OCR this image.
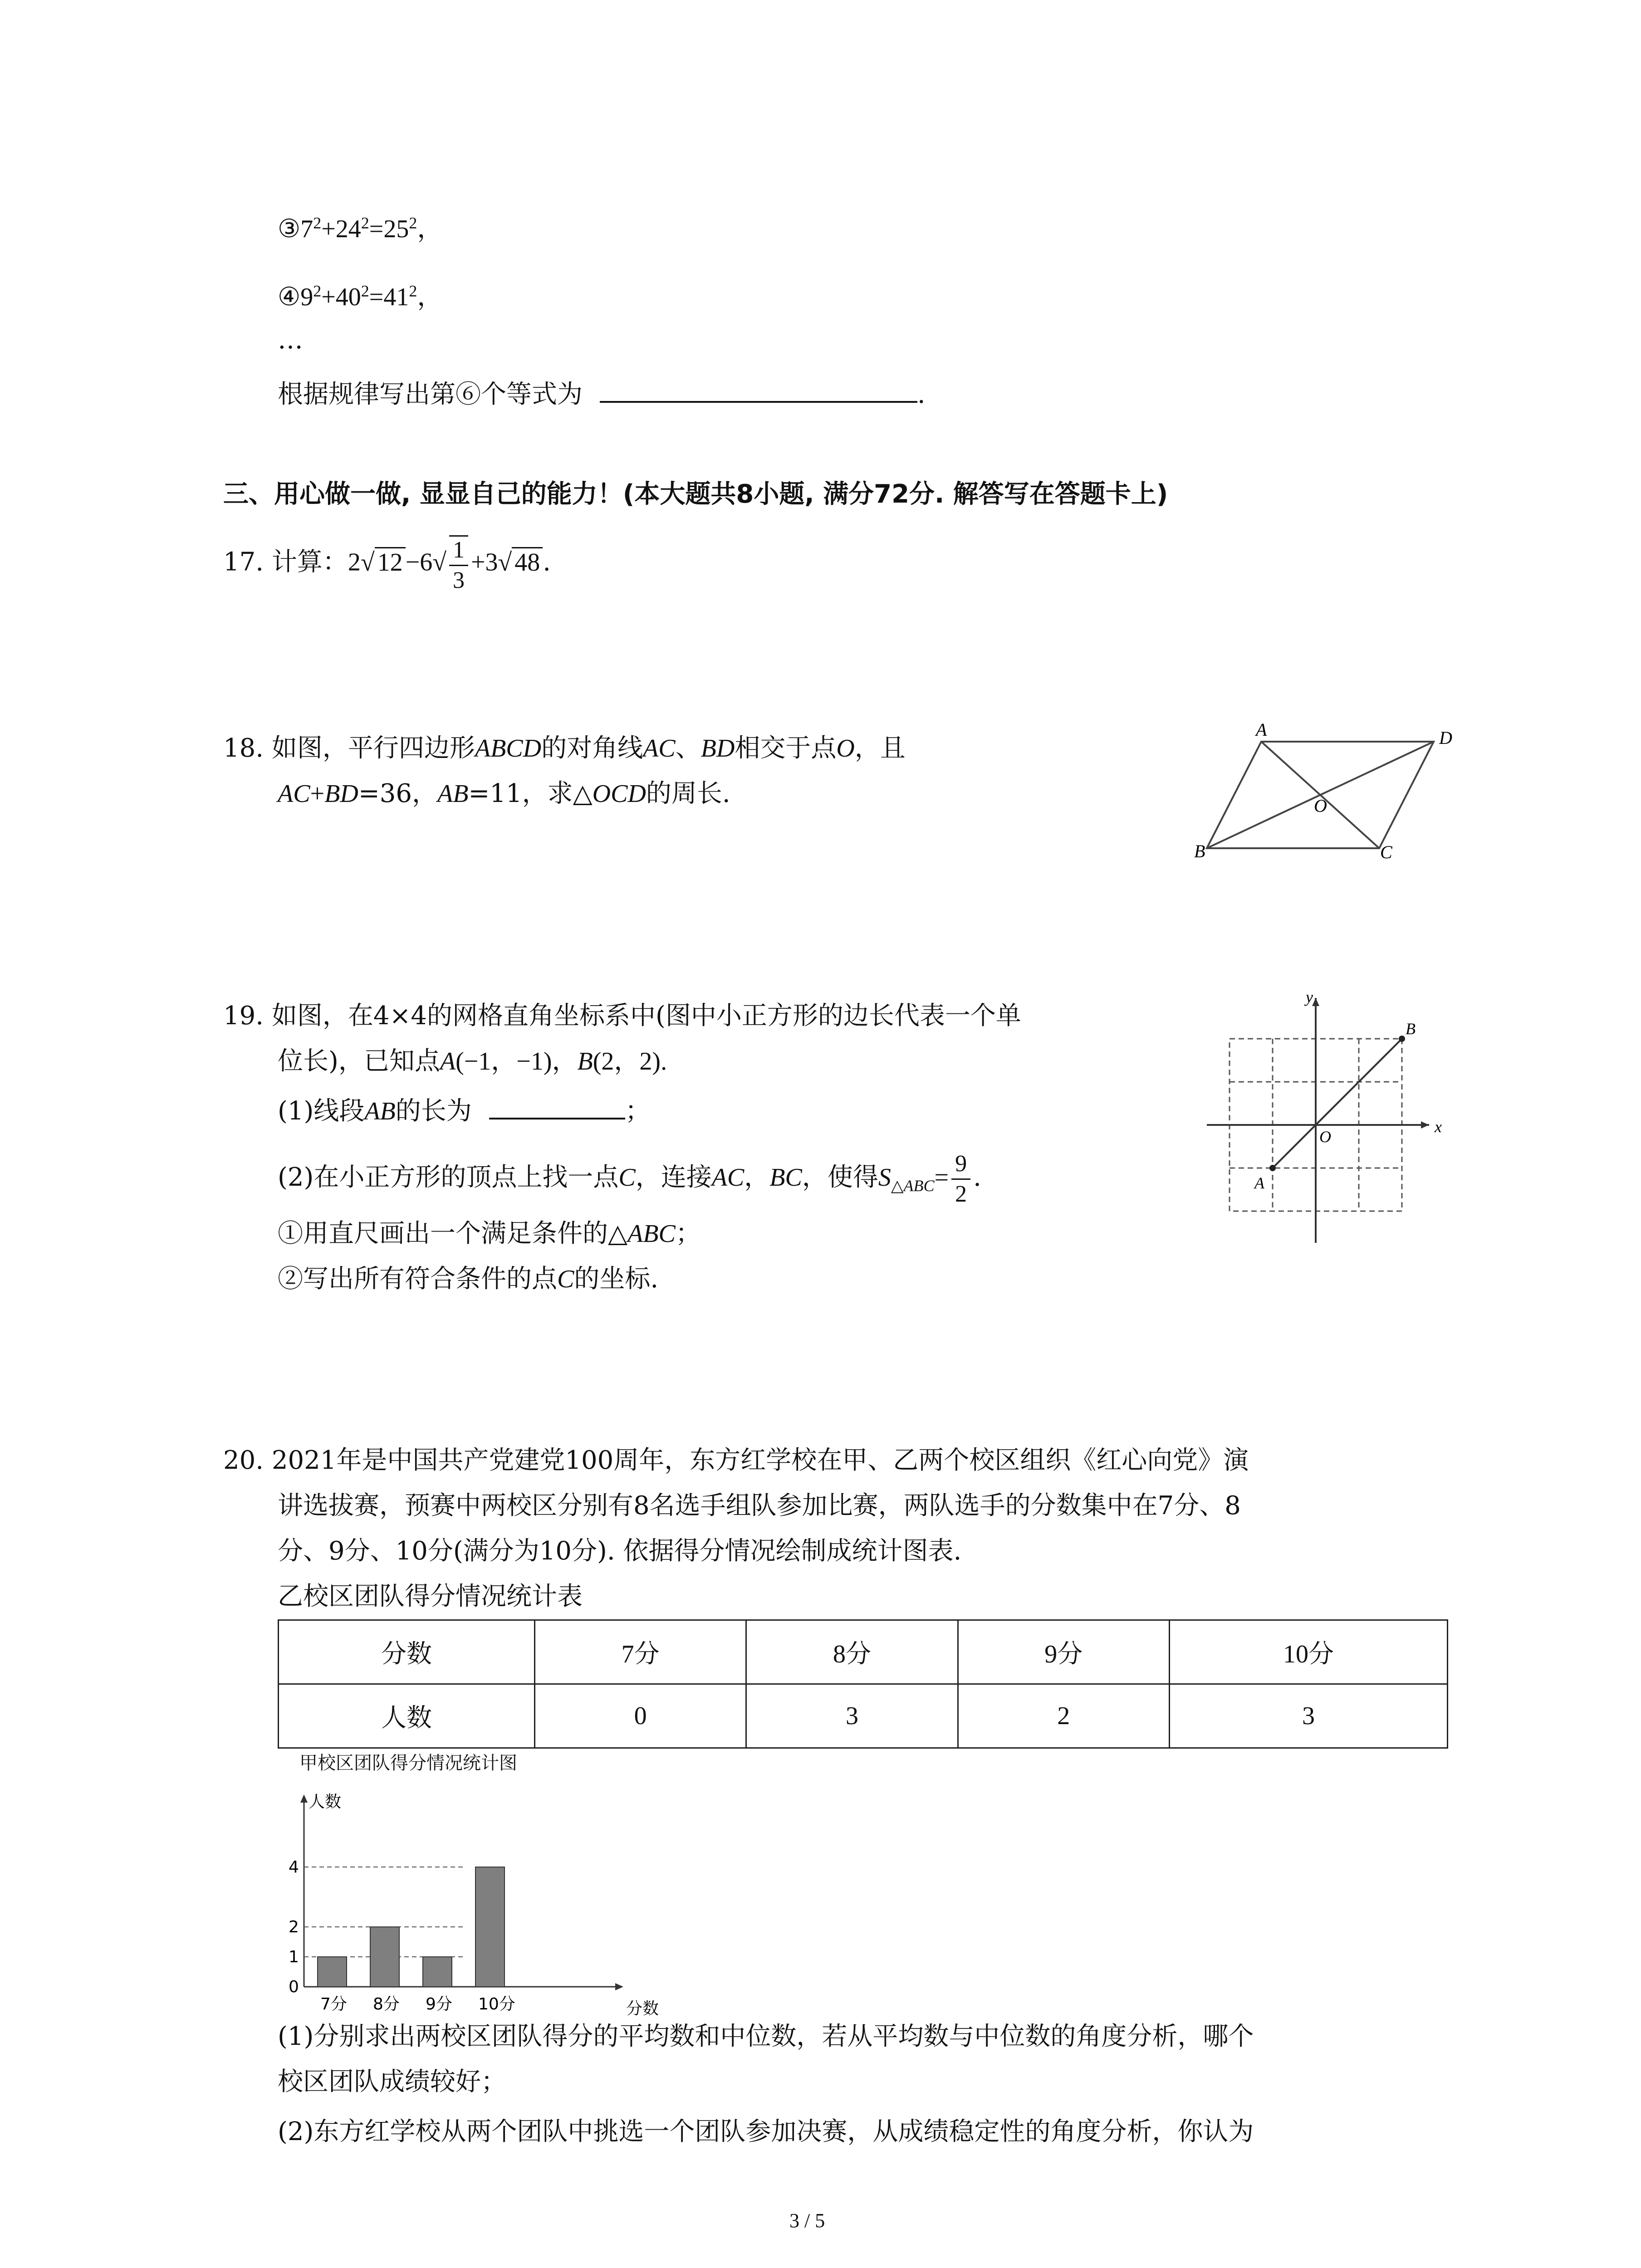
$③7^2+24^2=25^2$，
$④9^2+40^2=41^2$，
…
根据规律写出第⑥个等式为	.
三、用心做一做, 显显自己的能力！(本大题共8小题, 满分72分. 解答写在答题卡上)
17. 计算：2√ $12 -6√ \frac{1}{3} +3√$ 48 .
18. 如图，平行四边形ABCD的对角线AC、BD相交于点O，且
AC+BD=36，AB=11，求△OCD的周长.
A	D
B	C
O
19. 如图，在4×4的网格直角坐标系中(图中小正方形的边长代表一个单
位长)，已知点A(−1，−1)，B(2，2).
(1)线段AB的长为	；
(2)在小正方形的顶点上找一点C，连接AC，BC，使得$S_{\triangle ABC}= \frac{9}{2}$ .
①用直尺画出一个满足条件的△ABC；
②写出所有符合条件的点C的坐标.
y
x
O
A
B
20. 2021年是中国共产党建党100周年，东方红学校在甲、乙两个校区组织《红心向党》演
讲选拔赛，预赛中两校区分别有8名选手组队参加比赛，两队选手的分数集中在7分、8
分、9分、10分(满分为10分). 依据得分情况绘制成统计图表.
乙校区团队得分情况统计表
分数	7分	8分	9分	10分
人数	0	3	2	3
甲校区团队得分情况统计图
人数
分数
0
1
2
4
7分 8分 9分 10分
(1)分别求出两校区团队得分的平均数和中位数，若从平均数与中位数的角度分析，哪个
校区团队成绩较好；
(2)东方红学校从两个团队中挑选一个团队参加决赛，从成绩稳定性的角度分析，你认为
3 / 5
